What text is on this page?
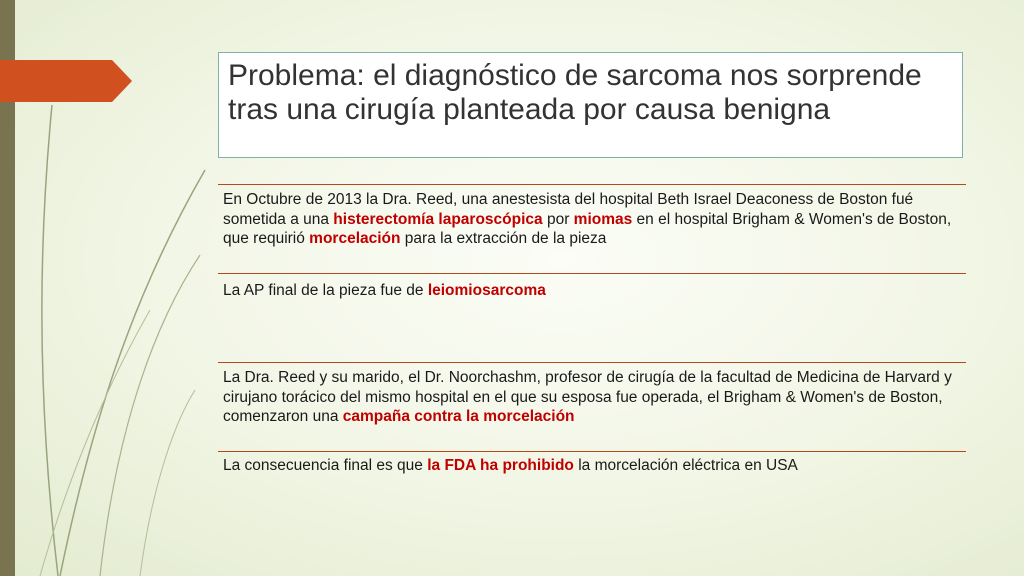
Problema: el diagnóstico de sarcoma nos sorprende tras una cirugía planteada por causa benigna
En Octubre de 2013 la Dra. Reed, una anestesista del hospital Beth Israel Deaconess de Boston fué sometida a una histerectomía laparoscópica por miomas en el hospital Brigham & Women's de Boston, que requirió morcelación para la extracción de la pieza
La AP final de la pieza fue de leiomiosarcoma
La Dra. Reed y su marido, el Dr. Noorchashm, profesor de cirugía de la facultad de Medicina de Harvard y cirujano torácico del mismo hospital en el que su esposa fue operada, el Brigham & Women's de Boston, comenzaron una campaña contra la morcelación
La consecuencia final es que la FDA ha prohibido la morcelación eléctrica en USA
